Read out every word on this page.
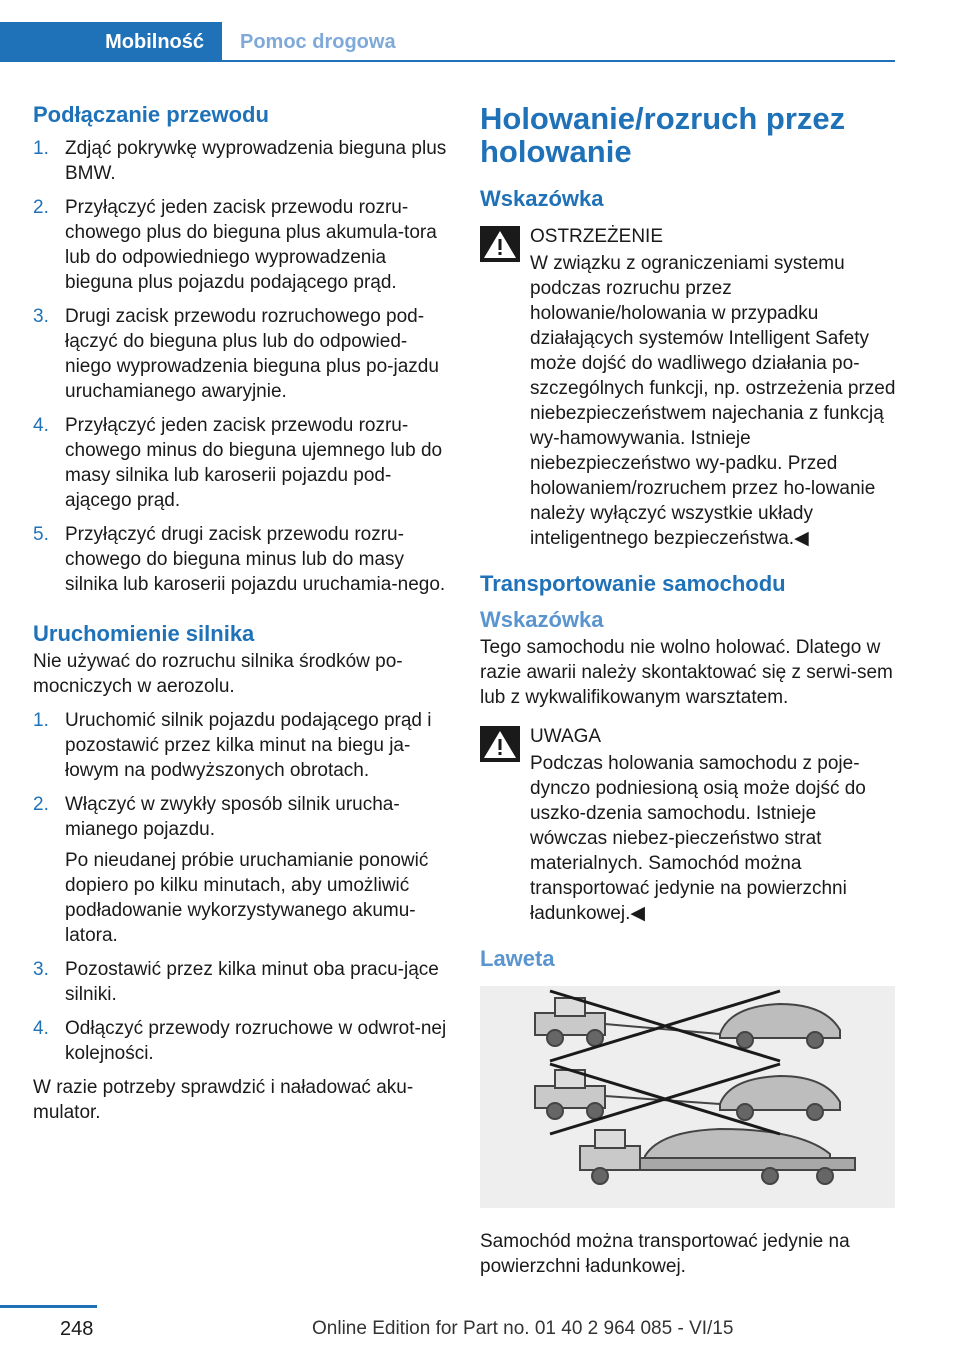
Mobilność	Pomoc drogowa
Podłączanie przewodu
1. Zdjąć pokrywkę wyprowadzenia bieguna plus BMW.
2. Przyłączyć jeden zacisk przewodu rozru-chowego plus do bieguna plus akumula-tora lub do odpowiedniego wyprowadzenia bieguna plus pojazdu podającego prąd.
3. Drugi zacisk przewodu rozruchowego pod-łączyć do bieguna plus lub do odpowied-niego wyprowadzenia bieguna plus po-jazdu uruchamianego awaryjnie.
4. Przyłączyć jeden zacisk przewodu rozru-chowego minus do bieguna ujemnego lub do masy silnika lub karoserii pojazdu pod-ającego prąd.
5. Przyłączyć drugi zacisk przewodu rozru-chowego do bieguna minus lub do masy silnika lub karoserii pojazdu uruchamia-nego.
Uruchomienie silnika

Nie używać do rozruchu silnika środków po-mocniczych w aerozolu.

1. Uruchomić silnik pojazdu podającego prąd i pozostawić przez kilka minut na biegu ja-łowym na podwyższonych obrotach.
2. Włączyć w zwykły sposób silnik urucha-mianego pojazdu.

Po nieudanej próbie uruchamianie ponowić dopiero po kilku minutach, aby umożliwić podładowanie wykorzystywanego akumu-latora.

3. Pozostawić przez kilka minut oba pracu-jące silniki.
4. Odłączyć przewody rozruchowe w odwrot-nej kolejności.

W razie potrzeby sprawdzić i naładować aku-mulator.

Holowanie/rozruch przez holowanie
Wskazówka
OSTRZEŻENIE

W związku z ograniczeniami systemu podczas rozruchu przez holowanie/holowania w przypadku działających systemów Intelligent Safety może dojść do wadliwego działania po-szczególnych funkcji, np. ostrzeżenia przed niebezpieczeństwem najechania z funkcją wy-hamowywania. Istnieje niebezpieczeństwo wy-padku. Przed holowaniem/rozruchem przez ho-lowanie należy wyłączyć wszystkie układy inteligentnego bezpieczeństwa.◀

Transportowanie samochodu
Wskazówka

Tego samochodu nie wolno holować. Dlatego w razie awarii należy skontaktować się z serwi-sem lub z wykwalifikowanym warsztatem.

UWAGA

Podczas holowania samochodu z poje-dynczo podniesioną osią może dojść do uszko-dzenia samochodu. Istnieje wówczas niebez-pieczeństwo strat materialnych. Samochód można transportować jedynie na powierzchni ładunkowej.◀

Laweta

Samochód można transportować jedynie na powierzchni ładunkowej.

248	Online Edition for Part no. 01 40 2 964 085 - VI/15
